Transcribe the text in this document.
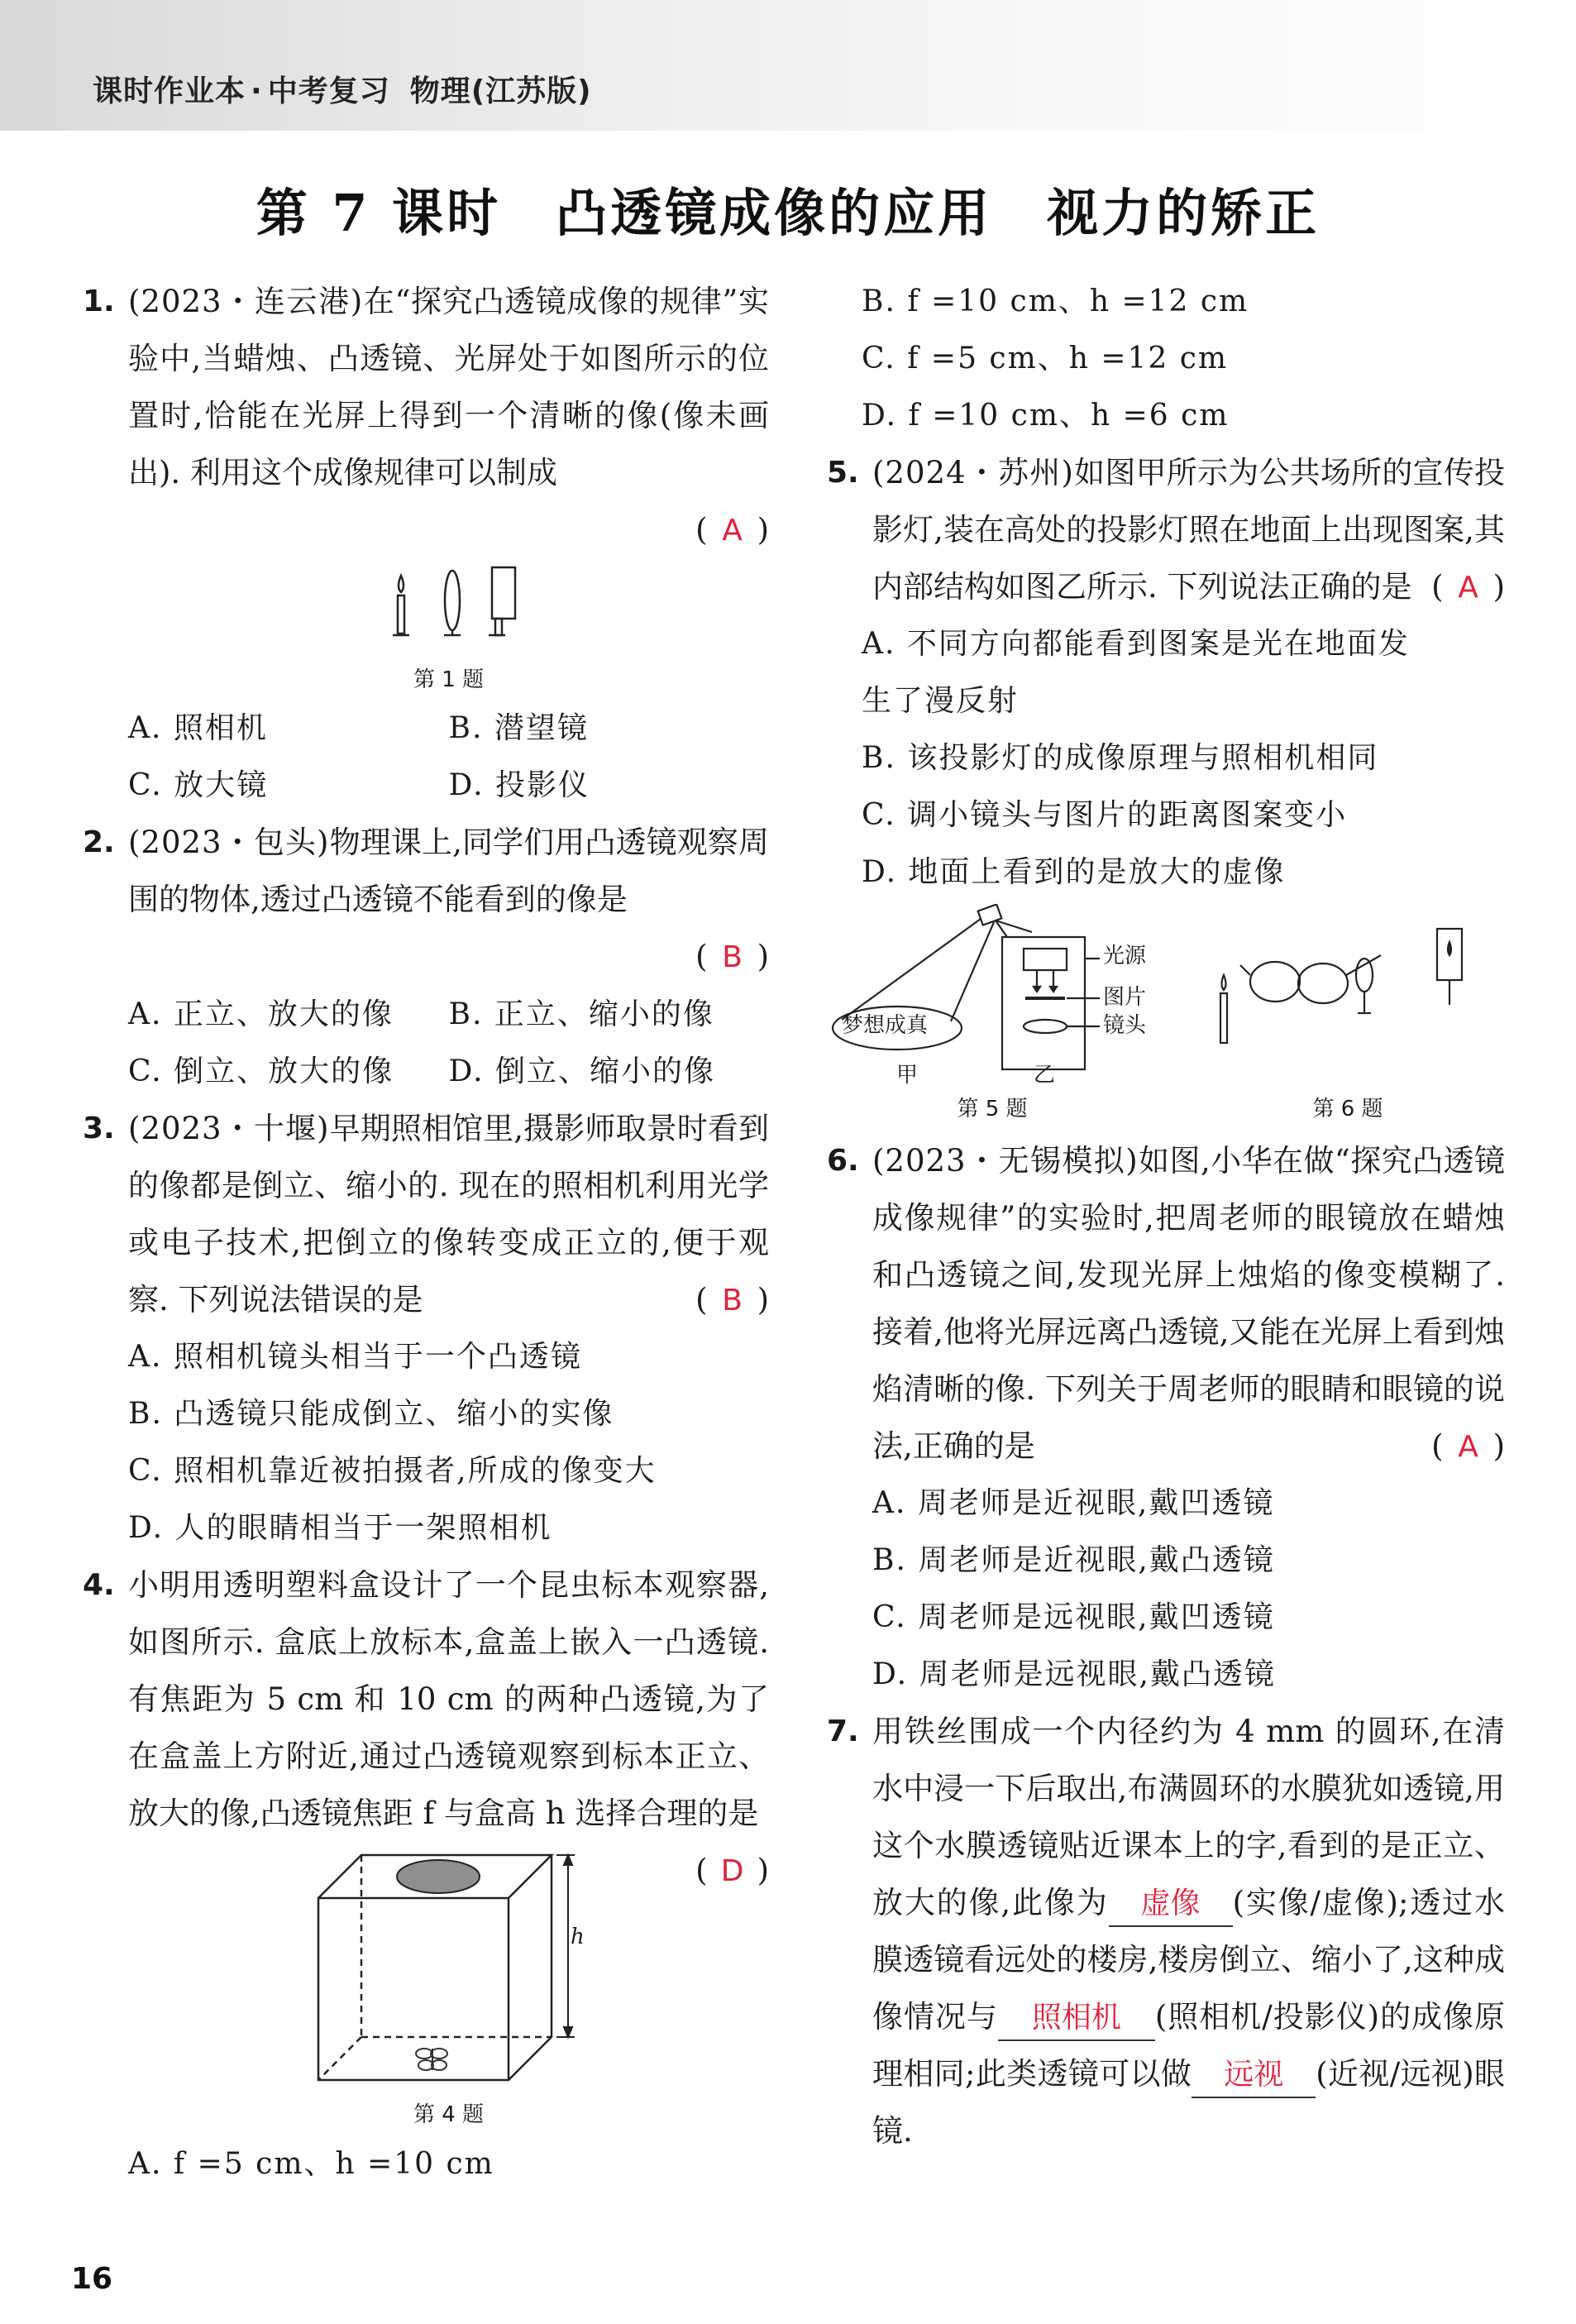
课时作业本 · 中考复习 物理(江苏版)
第 7 课时　凸透镜成像的应用　视力的矫正
1. (2023・连云港)在“探究凸透镜成像的规律”实验中,当蜡烛、凸透镜、光屏处于如图所示的位置时,恰能在光屏上得到一个清晰的像(像未画出). 利用这个成像规律可以制成
( A )
第 1 题
A. 照相机	B. 潜望镜
C. 放大镜	D. 投影仪
2. (2023・包头)物理课上,同学们用凸透镜观察周围的物体,透过凸透镜不能看到的像是
( B )
A. 正立、放大的像	B. 正立、缩小的像
C. 倒立、放大的像	D. 倒立、缩小的像
3. (2023・十堰)早期照相馆里,摄影师取景时看到的像都是倒立、缩小的. 现在的照相机利用光学或电子技术,把倒立的像转变成正立的,便于观察. 下列说法错误的是	( B )
A. 照相机镜头相当于一个凸透镜
B. 凸透镜只能成倒立、缩小的实像
C. 照相机靠近被拍摄者,所成的像变大
D. 人的眼睛相当于一架照相机
4. 小明用透明塑料盒设计了一个昆虫标本观察器,如图所示. 盒底上放标本,盒盖上嵌入一凸透镜. 有焦距为 5 cm 和 10 cm 的两种凸透镜,为了在盒盖上方附近,通过凸透镜观察到标本正立、放大的像,凸透镜焦距 f 与盒高 h 选择合理的是
( D )
h
第 4 题
A. f =5 cm、h =10 cm
B. f =10 cm、h =12 cm
C. f =5 cm、h =12 cm
D. f =10 cm、h =6 cm
5. (2024・苏州)如图甲所示为公共场所的宣传投影灯,装在高处的投影灯照在地面上出现图案,其内部结构如图乙所示. 下列说法正确的是 ( A )
A. 不同方向都能看到图案是光在地面发生了漫反射
B. 该投影灯的成像原理与照相机相同
C. 调小镜头与图片的距离图案变小
D. 地面上看到的是放大的虚像
梦想成真
光源
图片
镜头
甲	乙
第 5 题	第 6 题
6. (2023・无锡模拟)如图,小华在做“探究凸透镜成像规律”的实验时,把周老师的眼镜放在蜡烛和凸透镜之间,发现光屏上烛焰的像变模糊了. 接着,他将光屏远离凸透镜,又能在光屏上看到烛焰清晰的像. 下列关于周老师的眼睛和眼镜的说法,正确的是	( A )
A. 周老师是近视眼,戴凹透镜
B. 周老师是近视眼,戴凸透镜
C. 周老师是远视眼,戴凹透镜
D. 周老师是远视眼,戴凸透镜
7. 用铁丝围成一个内径约为 4 mm 的圆环,在清水中浸一下后取出,布满圆环的水膜犹如透镜,用这个水膜透镜贴近课本上的字,看到的是正立、放大的像,此像为 虚像 (实像/虚像);透过水膜透镜看远处的楼房,楼房倒立、缩小了,这种成像情况与 照相机 (照相机/投影仪)的成像原理相同;此类透镜可以做 远视 (近视/远视)眼镜.
16
